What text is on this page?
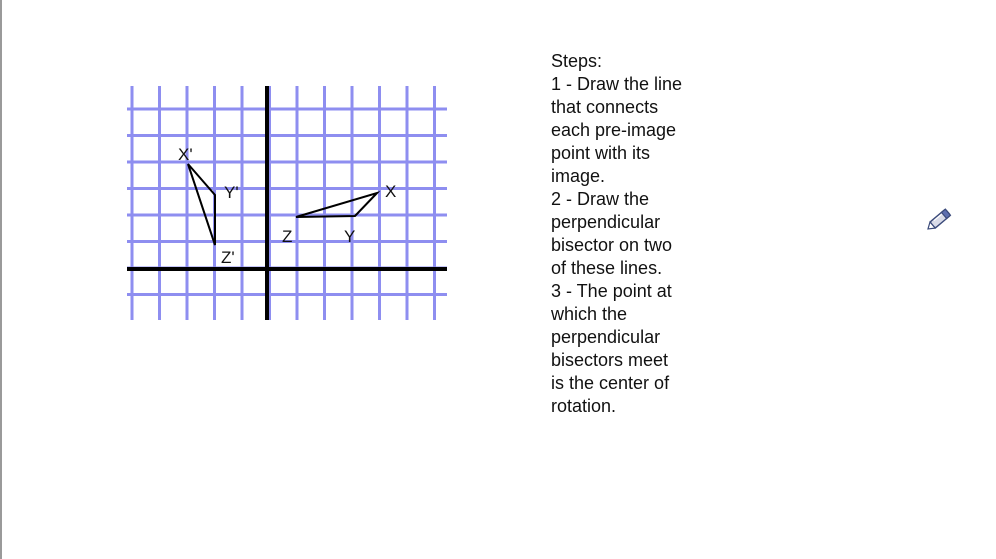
X'
Y'
Z'
X
Y
Z
Steps:
1 - Draw the line
that connects
each pre-image
point with its
image.
2 - Draw the
perpendicular
bisector on two
of these lines.
3 - The point at
which the
perpendicular
bisectors meet
is the center of
rotation.
